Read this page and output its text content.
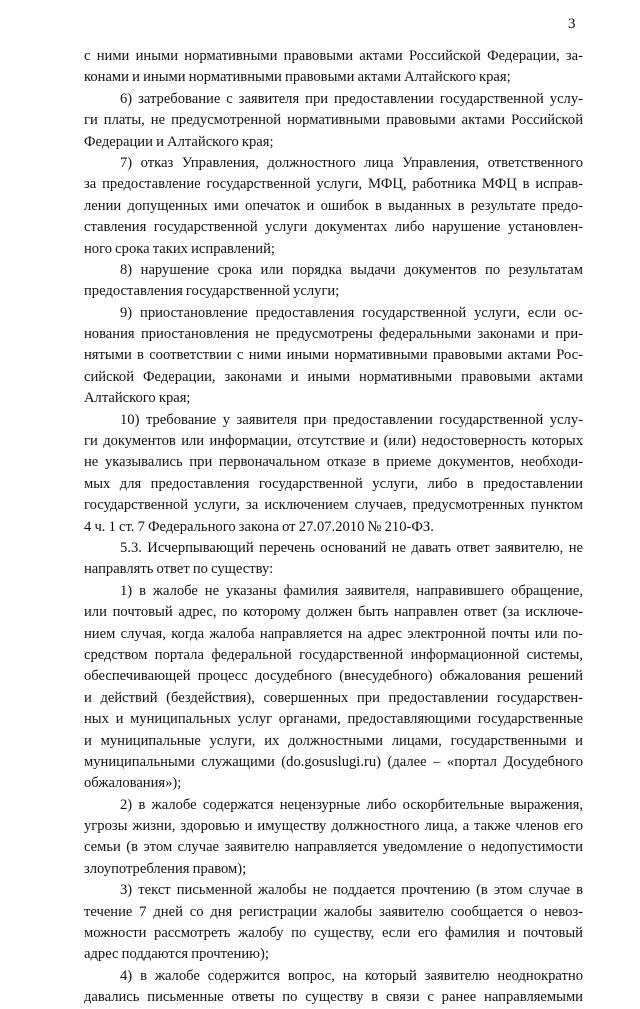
3
с ними иными нормативными правовыми актами Российской Федерации, за-
конами и иными нормативными правовыми актами Алтайского края;
6) затребование с заявителя при предоставлении государственной услу-
ги платы, не предусмотренной нормативными правовыми актами Российской
Федерации и Алтайского края;
7) отказ Управления, должностного лица Управления, ответственного
за предоставление государственной услуги, МФЦ, работника МФЦ в исправ-
лении допущенных ими опечаток и ошибок в выданных в результате предо-
ставления государственной услуги документах либо нарушение установлен-
ного срока таких исправлений;
8) нарушение срока или порядка выдачи документов по результатам
предоставления государственной услуги;
9) приостановление предоставления государственной услуги, если ос-
нования приостановления не предусмотрены федеральными законами и при-
нятыми в соответствии с ними иными нормативными правовыми актами Рос-
сийской Федерации, законами и иными нормативными правовыми актами
Алтайского края;
10) требование у заявителя при предоставлении государственной услу-
ги документов или информации, отсутствие и (или) недостоверность которых
не указывались при первоначальном отказе в приеме документов, необходи-
мых для предоставления государственной услуги, либо в предоставлении
государственной услуги, за исключением случаев, предусмотренных пунктом
4 ч. 1 ст. 7 Федерального закона от 27.07.2010 № 210-ФЗ.
5.3. Исчерпывающий перечень оснований не давать ответ заявителю, не
направлять ответ по существу:
1) в жалобе не указаны фамилия заявителя, направившего обращение,
или почтовый адрес, по которому должен быть направлен ответ (за исключе-
нием случая, когда жалоба направляется на адрес электронной почты или по-
средством портала федеральной государственной информационной системы,
обеспечивающей процесс досудебного (внесудебного) обжалования решений
и действий (бездействия), совершенных при предоставлении государствен-
ных и муниципальных услуг органами, предоставляющими государственные
и муниципальные услуги, их должностными лицами, государственными и
муниципальными служащими (do.gosuslugi.ru) (далее – «портал Досудебного
обжалования»);
2) в жалобе содержатся нецензурные либо оскорбительные выражения,
угрозы жизни, здоровью и имуществу должностного лица, а также членов его
семьи (в этом случае заявителю направляется уведомление о недопустимости
злоупотребления правом);
3) текст письменной жалобы не поддается прочтению (в этом случае в
течение 7 дней со дня регистрации жалобы заявителю сообщается о невоз-
можности рассмотреть жалобу по существу, если его фамилия и почтовый
адрес поддаются прочтению);
4) в жалобе содержится вопрос, на который заявителю неоднократно
давались письменные ответы по существу в связи с ранее направляемыми
